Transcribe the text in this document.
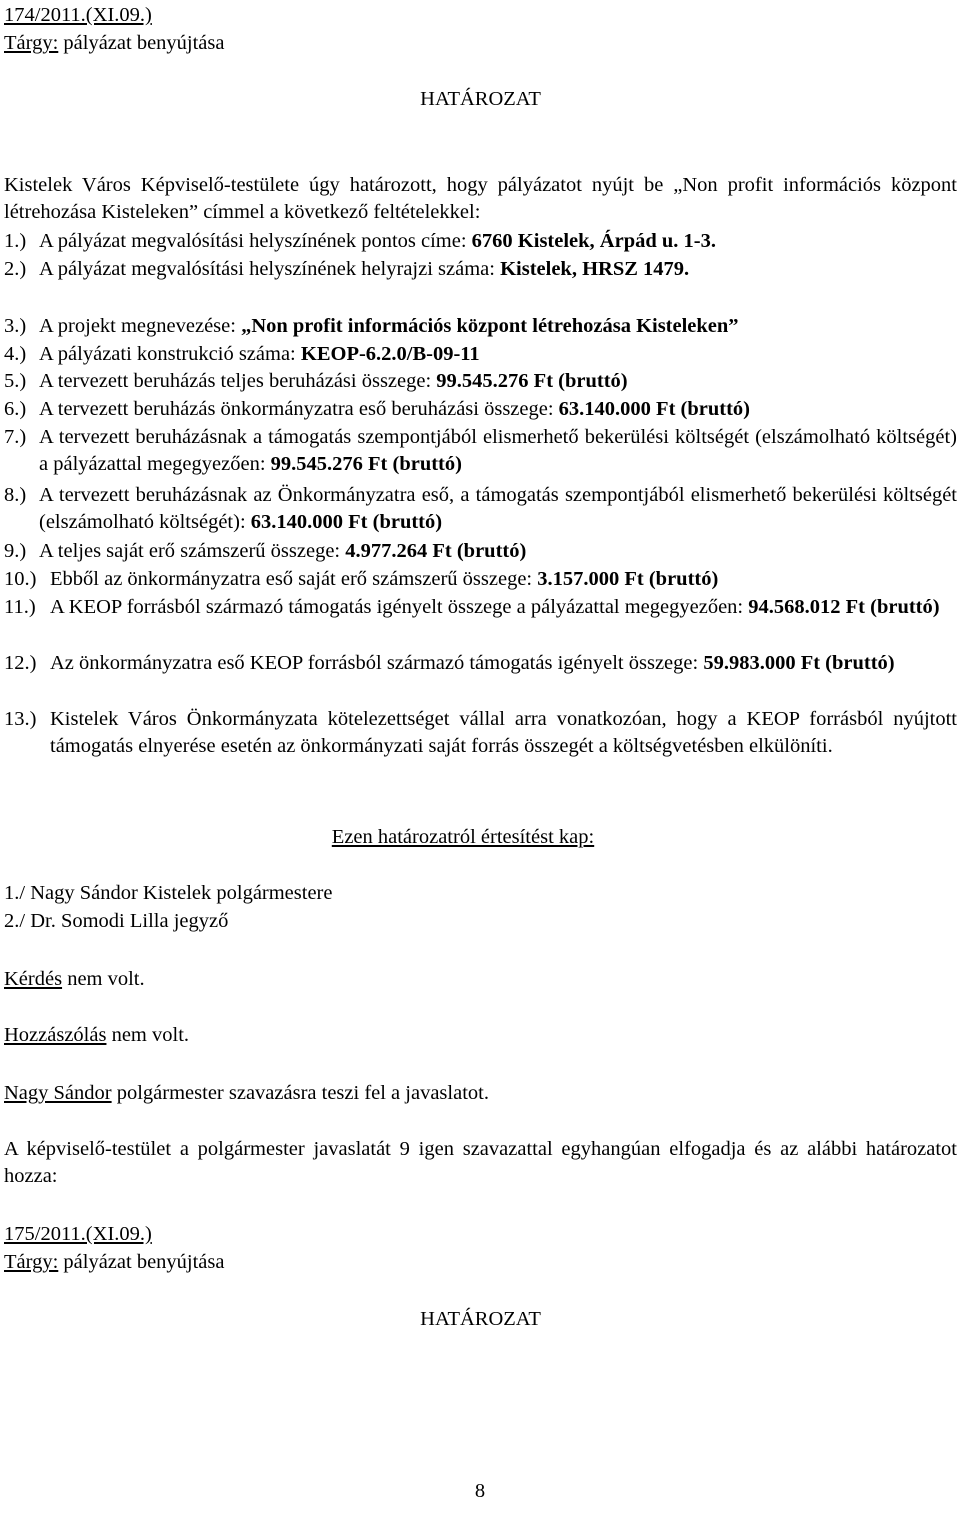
174/2011.(XI.09.)
Tárgy: pályázat benyújtása
HATÁROZAT
Kistelek Város Képviselő-testülete úgy határozott, hogy pályázatot nyújt be „Non profit információs központ létrehozása Kisteleken” címmel a következő feltételekkel:
1.) A pályázat megvalósítási helyszínének pontos címe: 6760 Kistelek, Árpád u. 1-3.
2.) A pályázat megvalósítási helyszínének helyrajzi száma: Kistelek, HRSZ 1479.
3.) A projekt megnevezése: „Non profit információs központ létrehozása Kisteleken”
4.) A pályázati konstrukció száma: KEOP-6.2.0/B-09-11
5.) A tervezett beruházás teljes beruházási összege: 99.545.276 Ft (bruttó)
6.) A tervezett beruházás önkormányzatra eső beruházási összege: 63.140.000 Ft (bruttó)
7.) A tervezett beruházásnak a támogatás szempontjából elismerhető bekerülési költségét (elszámolható költségét) a pályázattal megegyezően: 99.545.276 Ft (bruttó)
8.) A tervezett beruházásnak az Önkormányzatra eső, a támogatás szempontjából elismerhető bekerülési költségét (elszámolható költségét): 63.140.000 Ft (bruttó)
9.) A teljes saját erő számszerű összege: 4.977.264 Ft (bruttó)
10.) Ebből az önkormányzatra eső saját erő számszerű összege: 3.157.000 Ft (bruttó)
11.) A KEOP forrásból származó támogatás igényelt összege a pályázattal megegyezően: 94.568.012 Ft (bruttó)
12.) Az önkormányzatra eső KEOP forrásból származó támogatás igényelt összege: 59.983.000 Ft (bruttó)
13.) Kistelek Város Önkormányzata kötelezettséget vállal arra vonatkozóan, hogy a KEOP forrásból nyújtott támogatás elnyerése esetén az önkormányzati saját forrás összegét a költségvetésben elkülöníti.
Ezen határozatról értesítést kap:
1./ Nagy Sándor Kistelek polgármestere
2./ Dr. Somodi Lilla jegyző
Kérdés nem volt.
Hozzászólás nem volt.
Nagy Sándor polgármester szavazásra teszi fel a javaslatot.
A képviselő-testület a polgármester javaslatát 9 igen szavazattal egyhangúan elfogadja és az alábbi határozatot hozza:
175/2011.(XI.09.)
Tárgy: pályázat benyújtása
HATÁROZAT
8
